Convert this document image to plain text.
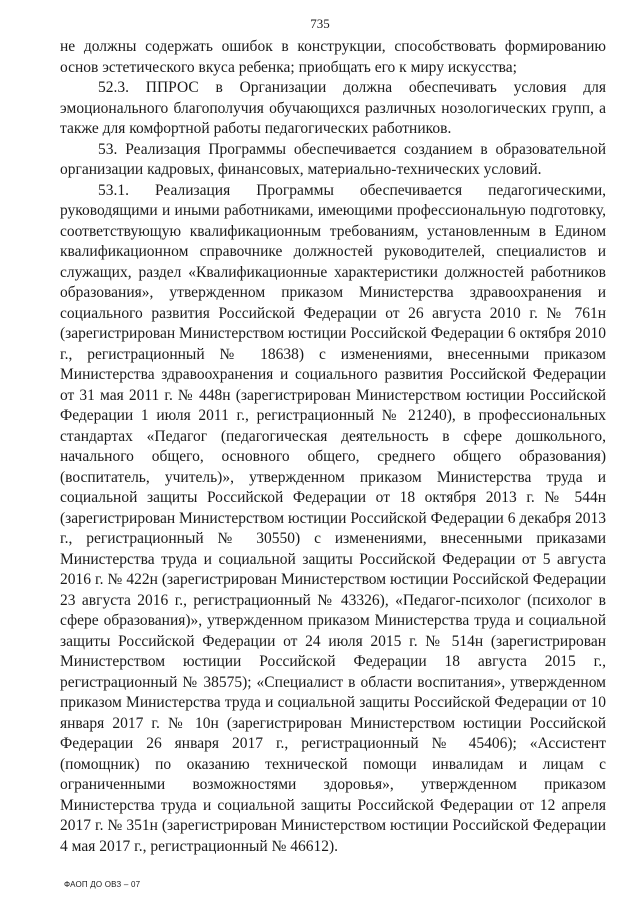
735

не должны содержать ошибок в конструкции, способствовать формированию основ эстетического вкуса ребенка; приобщать его к миру искусства;

52.3. ППРОС в Организации должна обеспечивать условия для эмоционального благополучия обучающихся различных нозологических групп, а также для комфортной работы педагогических работников.

53. Реализация Программы обеспечивается созданием в образовательной организации кадровых, финансовых, материально-технических условий.

53.1. Реализация Программы обеспечивается педагогическими, руководящими и иными работниками, имеющими профессиональную подготовку, соответствующую квалификационным требованиям, установленным в Едином квалификационном справочнике должностей руководителей, специалистов и служащих, раздел «Квалификационные характеристики должностей работников образования», утвержденном приказом Министерства здравоохранения и социального развития Российской Федерации от 26 августа 2010 г. № 761н (зарегистрирован Министерством юстиции Российской Федерации 6 октября 2010 г., регистрационный № 18638) с изменениями, внесенными приказом Министерства здравоохранения и социального развития Российской Федерации от 31 мая 2011 г. № 448н (зарегистрирован Министерством юстиции Российской Федерации 1 июля 2011 г., регистрационный № 21240), в профессиональных стандартах «Педагог (педагогическая деятельность в сфере дошкольного, начального общего, основного общего, среднего общего образования) (воспитатель, учитель)», утвержденном приказом Министерства труда и социальной защиты Российской Федерации от 18 октября 2013 г. № 544н (зарегистрирован Министерством юстиции Российской Федерации 6 декабря 2013 г., регистрационный № 30550) с изменениями, внесенными приказами Министерства труда и социальной защиты Российской Федерации от 5 августа 2016 г. № 422н (зарегистрирован Министерством юстиции Российской Федерации 23 августа 2016 г., регистрационный № 43326), «Педагог-психолог (психолог в сфере образования)», утвержденном приказом Министерства труда и социальной защиты Российской Федерации от 24 июля 2015 г. № 514н (зарегистрирован Министерством юстиции Российской Федерации 18 августа 2015 г., регистрационный № 38575); «Специалист в области воспитания», утвержденном приказом Министерства труда и социальной защиты Российской Федерации от 10 января 2017 г. № 10н (зарегистрирован Министерством юстиции Российской Федерации 26 января 2017 г., регистрационный № 45406); «Ассистент (помощник) по оказанию технической помощи инвалидам и лицам с ограниченными возможностями здоровья», утвержденном приказом Министерства труда и социальной защиты Российской Федерации от 12 апреля 2017 г. № 351н (зарегистрирован Министерством юстиции Российской Федерации 4 мая 2017 г., регистрационный № 46612).

ФАОП ДО ОВЗ – 07
